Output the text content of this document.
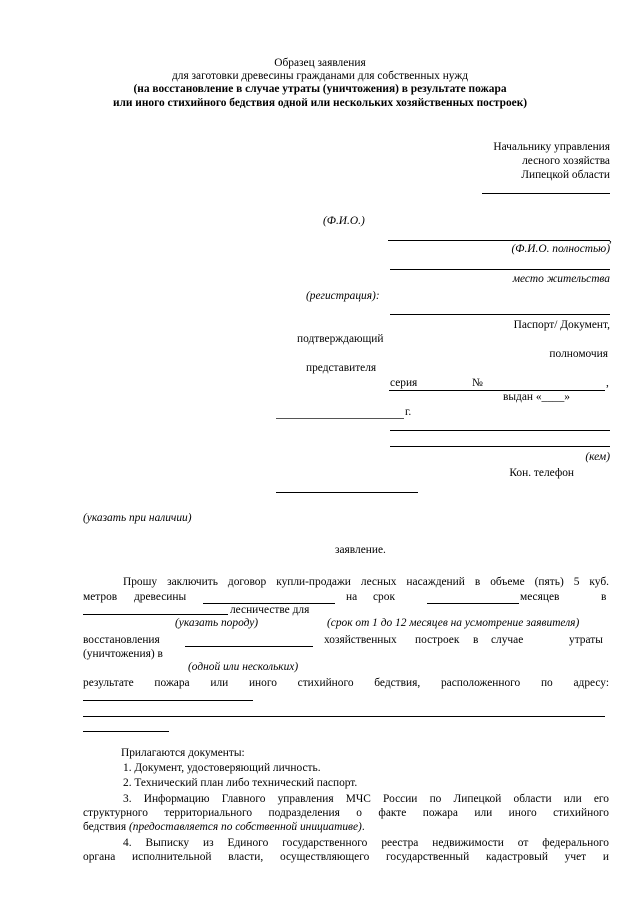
Образец заявления
для заготовки древесины гражданами для собственных нужд
(на восстановление в случае утраты (уничтожения) в результате пожара
или иного стихийного бедствия одной или нескольких хозяйственных построек)
Начальнику управления
лесного хозяйства
Липецкой области
(Ф.И.О.)
,
(Ф.И.О. полностью)
место жительства
(регистрация):
Паспорт/ Документ,
подтверждающий
полномочия
представителя
серия	№	,
выдан «____»
г.
(кем)
Кон. телефон
(указать при наличии)
заявление.
Прошу заключить договор купли-продажи лесных насаждений в объеме (пять) 5 куб.
метров древесины	на срок	месяцев	в
лесничестве для
(указать породу)	(срок от 1 до 12 месяцев на усмотрение заявителя)
восстановления	хозяйственных построек в случае	утраты
(уничтожения) в
(одной или нескольких)
результате пожара или иного стихийного бедствия, расположенного по адресу:
Прилагаются документы:
1. Документ, удостоверяющий личность.
2. Технический план либо технический паспорт.
3. Информацию Главного управления МЧС России по Липецкой области или его
структурного территориального подразделения о факте пожара или иного стихийного
бедствия (предоставляется по собственной инициативе).
4. Выписку из Единого государственного реестра недвижимости от федерального
органа исполнительной власти, осуществляющего государственный кадастровый учет и
